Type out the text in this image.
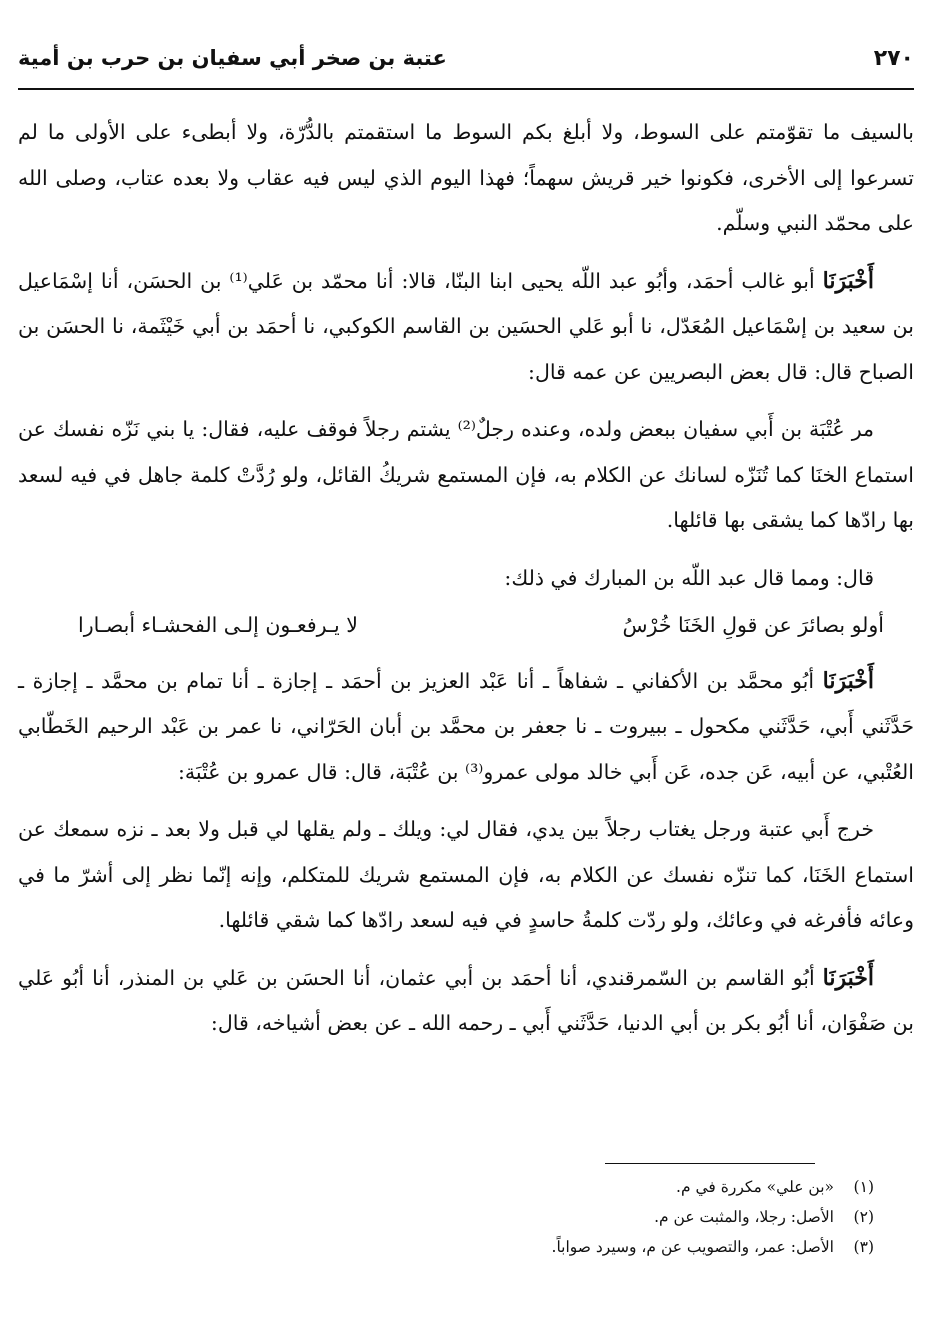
عتبة بن صخر أبي سفيان بن حرب بن أمية	٢٧٠

بالسيف ما تقوّمتم على السوط، ولا أبلغ بكم السوط ما استقمتم بالدُّرّة، ولا أبطىء على الأولى ما لم تسرعوا إلى الأخرى، فكونوا خير قريش سهماً؛ فهذا اليوم الذي ليس فيه عقاب ولا بعده عتاب، وصلى الله على محمّد النبي وسلّم.

أَخْبَرَنَا أبو غالب أحمَد، وأبُو عبد اللّه يحيى ابنا البنّا، قالا: أنا محمّد بن عَلي⁽¹⁾ بن الحسَن، أنا إسْمَاعيل بن سعيد بن إسْمَاعيل المُعَدّل، نا أبو عَلي الحسَين بن القاسم الكوكبي، نا أحمَد بن أبي خَيْثَمة، نا الحسَن بن الصباح قال: قال بعض البصريين عن عمه قال:

مر عُتْبَة بن أَبي سفيان ببعض ولده، وعنده رجلٌ⁽²⁾ يشتم رجلاً فوقف عليه، فقال: يا بني نَزّه نفسك عن استماع الخنَا كما تُنَزّه لسانك عن الكلام به، فإن المستمع شريكُ القائل، ولو رُدَّتْ كلمة جاهل في فيه لسعد بها رادّها كما يشقى بها قائلها.

قال: ومما قال عبد اللّه بن المبارك في ذلك:

أولو بصائرَ عن قولِ الخَنَا خُرْسُ
لا يـرفعـون إلـى الفحشـاء أبصـارا

أَخْبَرَنَا أبُو محمَّد بن الأكفاني ـ شفاهاً ـ أنا عَبْد العزيز بن أحمَد ـ إجازة ـ أنا تمام بن محمَّد ـ إجازة ـ حَدَّثَني أَبي، حَدَّثَني مكحول ـ ببيروت ـ نا جعفر بن محمَّد بن أبان الحَرّاني، نا عمر بن عَبْد الرحيم الخَطّابي العُتْبي، عن أبيه، عَن جده، عَن أَبي خالد مولى عمرو⁽³⁾ بن عُتْبَة، قال: قال عمرو بن عُتْبَة:

خرج أَبي عتبة ورجل يغتاب رجلاً بين يدي، فقال لي: ويلك ـ ولم يقلها لي قبل ولا بعد ـ نزه سمعك عن استماع الخَنَا، كما تنزّه نفسك عن الكلام به، فإن المستمع شريك للمتكلم، وإنه إنّما نظر إلى أشرّ ما في وعائه فأفرغه في وعائك، ولو ردّت كلمةُ حاسدٍ في فيه لسعد رادّها كما شقي قائلها.

أَخْبَرَنَا أبُو القاسم بن السّمرقندي، أنا أحمَد بن أبي عثمان، أنا الحسَن بن عَلي بن المنذر، أنا أبُو عَلي بن صَفْوَان، أنا أبُو بكر بن أبي الدنيا، حَدَّثَني أَبي ـ رحمه الله ـ عن بعض أشياخه، قال:

(١)
«بن علي» مكررة في م.
(٢)
الأصل: رجلا، والمثبت عن م.
(٣)
الأصل: عمر، والتصويب عن م، وسيرد صواباً.
